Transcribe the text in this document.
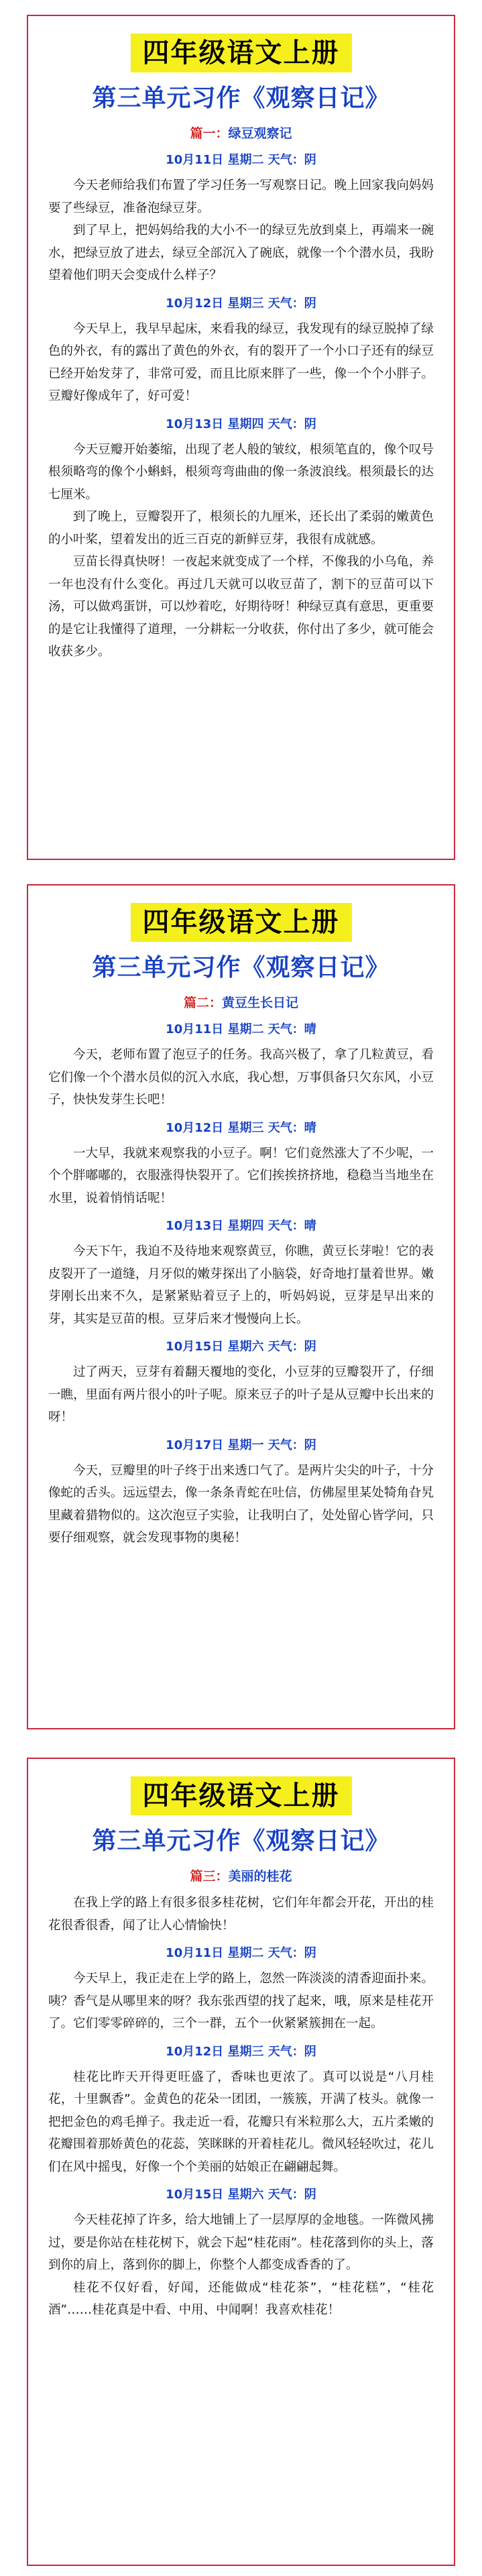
四年级语文上册
第三单元习作《观察日记》
篇一：绿豆观察记
10月11日 星期二 天气：阴

今天老师给我们布置了学习任务一写观察日记。晚上回家我向妈妈要了些绿豆，准备泡绿豆芽。

到了早上，把妈妈给我的大小不一的绿豆先放到桌上，再端来一碗水，把绿豆放了进去，绿豆全部沉入了碗底，就像一个个潜水员，我盼望着他们明天会变成什么样子？

10月12日 星期三 天气：阴

今天早上，我早早起床，来看我的绿豆，我发现有的绿豆脱掉了绿色的外衣，有的露出了黄色的外衣，有的裂开了一个小口子还有的绿豆已经开始发芽了，非常可爱，而且比原来胖了一些，像一个个小胖子。豆瓣好像成年了，好可爱！

10月13日 星期四 天气：阴

今天豆瓣开始萎缩，出现了老人般的皱纹，根须笔直的，像个叹号根须略弯的像个小蝌蚪，根须弯弯曲曲的像一条波浪线。根须最长的达七厘米。

到了晚上，豆瓣裂开了，根须长的九厘米，还长出了柔弱的嫩黄色的小叶桨，望着发出的近三百克的新鲜豆芽，我很有成就感。

豆苗长得真快呀！一夜起来就变成了一个样，不像我的小乌龟，养一年也没有什么变化。再过几天就可以收豆苗了，割下的豆苗可以下汤，可以做鸡蛋饼，可以炒着吃，好期待呀！种绿豆真有意思，更重要的是它让我懂得了道理，一分耕耘一分收获，你付出了多少，就可能会收获多少。

四年级语文上册
第三单元习作《观察日记》
篇二：黄豆生长日记
10月11日 星期二 天气：晴

今天，老师布置了泡豆子的任务。我高兴极了，拿了几粒黄豆，看它们像一个个潜水员似的沉入水底，我心想，万事俱备只欠东风，小豆子，快快发芽生长吧！

10月12日 星期三 天气：晴

一大早，我就来观察我的小豆子。啊！它们竟然涨大了不少呢，一个个胖嘟嘟的，衣服涨得快裂开了。它们挨挨挤挤地，稳稳当当地坐在水里，说着悄悄话呢！

10月13日 星期四 天气：晴

今天下午，我迫不及待地来观察黄豆，你瞧，黄豆长芽啦！它的表皮裂开了一道缝，月牙似的嫩芽探出了小脑袋，好奇地打量着世界。嫩芽刚长出来不久，是紧紧贴着豆子上的，听妈妈说，豆芽是早出来的芽，其实是豆苗的根。豆芽后来才慢慢向上长。

10月15日 星期六 天气：阴

过了两天，豆芽有着翻天覆地的变化，小豆芽的豆瓣裂开了，仔细一瞧，里面有两片很小的叶子呢。原来豆子的叶子是从豆瓣中长出来的呀！

10月17日 星期一 天气：阴

今天，豆瓣里的叶子终于出来透口气了。是两片尖尖的叶子，十分像蛇的舌头。远远望去，像一条条青蛇在吐信，仿佛屋里某处犄角旮旯里藏着猎物似的。这次泡豆子实验，让我明白了，处处留心皆学问，只要仔细观察，就会发现事物的奥秘！

四年级语文上册
第三单元习作《观察日记》
篇三：美丽的桂花

在我上学的路上有很多很多桂花树，它们年年都会开花，开出的桂花很香很香，闻了让人心情愉快！

10月11日 星期二 天气：阴

今天早上，我正走在上学的路上，忽然一阵淡淡的清香迎面扑来。咦？香气是从哪里来的呀？我东张西望的找了起来，哦，原来是桂花开了。它们零零碎碎的，三个一群，五个一伙紧紧簇拥在一起。

10月12日 星期三 天气：阴

桂花比昨天开得更旺盛了，香味也更浓了。真可以说是“八月桂花，十里飘香”。金黄色的花朵一团团，一簇簇，开满了枝头。就像一把把金色的鸡毛掸子。我走近一看，花瓣只有米粒那么大，五片柔嫩的花瓣围着那娇黄色的花蕊，笑眯眯的开着桂花儿。微风轻轻吹过，花儿们在风中摇曳，好像一个个美丽的姑娘正在翩翩起舞。

10月15日 星期六 天气：阴

今天桂花掉了许多，给大地铺上了一层厚厚的金地毯。一阵微风拂过，要是你站在桂花树下，就会下起“桂花雨”。桂花落到你的头上，落到你的肩上，落到你的脚上，你整个人都变成香香的了。

桂花不仅好看，好闻，还能做成“桂花茶”，“桂花糕”，“桂花酒”……桂花真是中看、中用、中闻啊！我喜欢桂花！
